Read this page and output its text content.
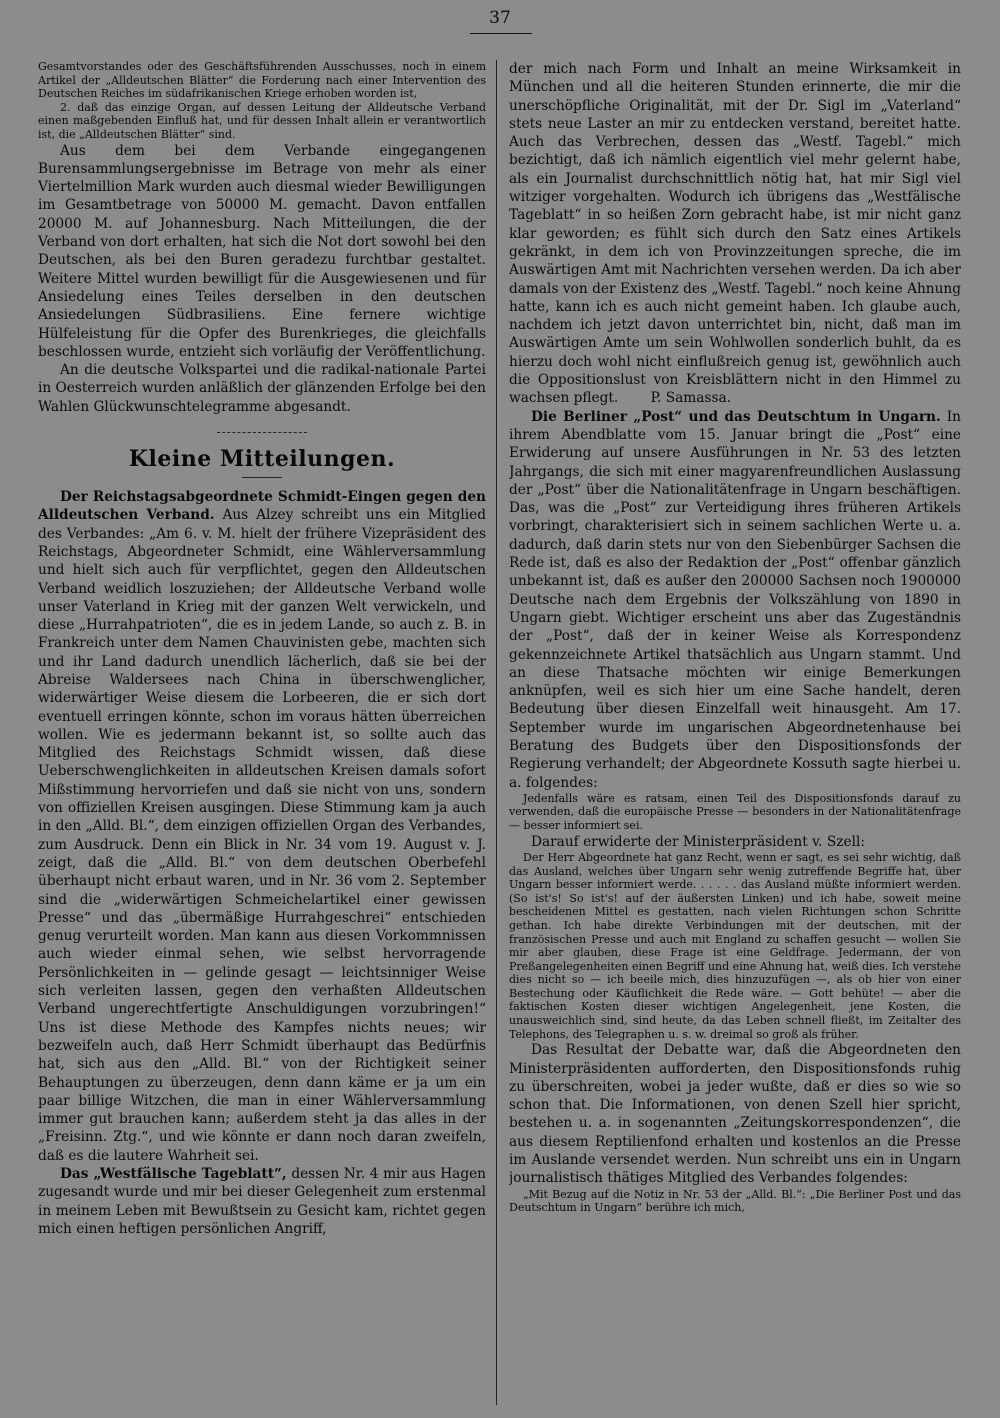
37

Gesamtvorstandes oder des Geschäftsführenden Ausschusses, noch in einem Artikel der „Alldeutschen Blätter“ die Forderung nach einer Intervention des Deutschen Reiches im südafrikanischen Kriege erhoben worden ist,

2. daß das einzige Organ, auf dessen Leitung der Alldeutsche Verband einen maßgebenden Einfluß hat, und für dessen Inhalt allein er verantwortlich ist, die „Alldeutschen Blätter“ sind.

Aus dem bei dem Verbande eingegangenen Burensammlungsergebnisse im Betrage von mehr als einer Viertelmillion Mark wurden auch diesmal wieder Bewilligungen im Gesamtbetrage von 50000 M. gemacht. Davon entfallen 20000 M. auf Johannesburg. Nach Mitteilungen, die der Verband von dort erhalten, hat sich die Not dort sowohl bei den Deutschen, als bei den Buren geradezu furchtbar gestaltet. Weitere Mittel wurden bewilligt für die Ausgewiesenen und für Ansiedelung eines Teiles derselben in den deutschen Ansiedelungen Südbrasiliens. Eine fernere wichtige Hülfeleistung für die Opfer des Burenkrieges, die gleichfalls beschlossen wurde, entzieht sich vorläufig der Veröffentlichung.

An die deutsche Volkspartei und die radikal-nationale Partei in Oesterreich wurden anläßlich der glänzenden Erfolge bei den Wahlen Glückwunschtelegramme abgesandt.

Kleine Mitteilungen.

Der Reichstagsabgeordnete Schmidt-Eingen gegen den Alldeutschen Verband. Aus Alzey schreibt uns ein Mitglied des Verbandes: „Am 6. v. M. hielt der frühere Vizepräsident des Reichstags, Abgeordneter Schmidt, eine Wählerversammlung und hielt sich auch für verpflichtet, gegen den Alldeutschen Verband weidlich loszuziehen; der Alldeutsche Verband wolle unser Vaterland in Krieg mit der ganzen Welt verwickeln, und diese „Hurrahpatrioten“, die es in jedem Lande, so auch z. B. in Frankreich unter dem Namen Chauvinisten gebe, machten sich und ihr Land dadurch unendlich lächerlich, daß sie bei der Abreise Waldersees nach China in überschwenglicher, widerwärtiger Weise diesem die Lorbeeren, die er sich dort eventuell erringen könnte, schon im voraus hätten überreichen wollen. Wie es jedermann bekannt ist, so sollte auch das Mitglied des Reichstags Schmidt wissen, daß diese Ueberschwenglichkeiten in alldeutschen Kreisen damals sofort Mißstimmung hervorriefen und daß sie nicht von uns, sondern von offiziellen Kreisen ausgingen. Diese Stimmung kam ja auch in den „Alld. Bl.“, dem einzigen offiziellen Organ des Verbandes, zum Ausdruck. Denn ein Blick in Nr. 34 vom 19. August v. J. zeigt, daß die „Alld. Bl.“ von dem deutschen Oberbefehl überhaupt nicht erbaut waren, und in Nr. 36 vom 2. September sind die „widerwärtigen Schmeichelartikel einer gewissen Presse“ und das „übermäßige Hurrahgeschrei“ entschieden genug verurteilt worden. Man kann aus diesen Vorkommnissen auch wieder einmal sehen, wie selbst hervorragende Persönlichkeiten in — gelinde gesagt — leichtsinniger Weise sich verleiten lassen, gegen den verhaßten Alldeutschen Verband ungerechtfertigte Anschuldigungen vorzubringen!“ Uns ist diese Methode des Kampfes nichts neues; wir bezweifeln auch, daß Herr Schmidt überhaupt das Bedürfnis hat, sich aus den „Alld. Bl.“ von der Richtigkeit seiner Behauptungen zu überzeugen, denn dann käme er ja um ein paar billige Witzchen, die man in einer Wählerversammlung immer gut brauchen kann; außerdem steht ja das alles in der „Freisinn. Ztg.“, und wie könnte er dann noch daran zweifeln, daß es die lautere Wahrheit sei.

Das „Westfälische Tageblatt“, dessen Nr. 4 mir aus Hagen zugesandt wurde und mir bei dieser Gelegenheit zum erstenmal in meinem Leben mit Bewußtsein zu Gesicht kam, richtet gegen mich einen heftigen persönlichen Angriff,

der mich nach Form und Inhalt an meine Wirksamkeit in München und all die heiteren Stunden erinnerte, die mir die unerschöpfliche Originalität, mit der Dr. Sigl im „Vaterland“ stets neue Laster an mir zu entdecken verstand, bereitet hatte. Auch das Verbrechen, dessen das „Westf. Tagebl.“ mich bezichtigt, daß ich nämlich eigentlich viel mehr gelernt habe, als ein Journalist durchschnittlich nötig hat, hat mir Sigl viel witziger vorgehalten. Wodurch ich übrigens das „Westfälische Tageblatt“ in so heißen Zorn gebracht habe, ist mir nicht ganz klar geworden; es fühlt sich durch den Satz eines Artikels gekränkt, in dem ich von Provinzzeitungen spreche, die im Auswärtigen Amt mit Nachrichten versehen werden. Da ich aber damals von der Existenz des „Westf. Tagebl.“ noch keine Ahnung hatte, kann ich es auch nicht gemeint haben. Ich glaube auch, nachdem ich jetzt davon unterrichtet bin, nicht, daß man im Auswärtigen Amte um sein Wohlwollen sonderlich buhlt, da es hierzu doch wohl nicht einflußreich genug ist, gewöhnlich auch die Oppositionslust von Kreisblättern nicht in den Himmel zu wachsen pflegt. P. Samassa.

Die Berliner „Post“ und das Deutschtum in Ungarn. In ihrem Abendblatte vom 15. Januar bringt die „Post“ eine Erwiderung auf unsere Ausführungen in Nr. 53 des letzten Jahrgangs, die sich mit einer magyarenfreundlichen Auslassung der „Post“ über die Nationalitätenfrage in Ungarn beschäftigen. Das, was die „Post“ zur Verteidigung ihres früheren Artikels vorbringt, charakterisiert sich in seinem sachlichen Werte u. a. dadurch, daß darin stets nur von den Siebenbürger Sachsen die Rede ist, daß es also der Redaktion der „Post“ offenbar gänzlich unbekannt ist, daß es außer den 200000 Sachsen noch 1900000 Deutsche nach dem Ergebnis der Volkszählung von 1890 in Ungarn giebt. Wichtiger erscheint uns aber das Zugeständnis der „Post“, daß der in keiner Weise als Korrespondenz gekennzeichnete Artikel thatsächlich aus Ungarn stammt. Und an diese Thatsache möchten wir einige Bemerkungen anknüpfen, weil es sich hier um eine Sache handelt, deren Bedeutung über diesen Einzelfall weit hinausgeht. Am 17. September wurde im ungarischen Abgeordnetenhause bei Beratung des Budgets über den Dispositionsfonds der Regierung verhandelt; der Abgeordnete Kossuth sagte hierbei u. a. folgendes:

Jedenfalls wäre es ratsam, einen Teil des Dispositionsfonds darauf zu verwenden, daß die europäische Presse — besonders in der Nationalitätenfrage — besser informiert sei.

Darauf erwiderte der Ministerpräsident v. Szell:

Der Herr Abgeordnete hat ganz Recht, wenn er sagt, es sei sehr wichtig, daß das Ausland, welches über Ungarn sehr wenig zutreffende Begriffe hat, über Ungarn besser informiert werde. . . . . . das Ausland müßte informiert werden. (So ist's! So ist's! auf der äußersten Linken) und ich habe, soweit meine bescheidenen Mittel es gestatten, nach vielen Richtungen schon Schritte gethan. Ich habe direkte Verbindungen mit der deutschen, mit der französischen Presse und auch mit England zu schaffen gesucht — wollen Sie mir aber glauben, diese Frage ist eine Geldfrage. Jedermann, der von Preßangelegenheiten einen Begriff und eine Ahnung hat, weiß dies. Ich verstehe dies nicht so — ich beeile mich, dies hinzuzufügen —, als ob hier von einer Bestechung oder Käuflichkeit die Rede wäre. — Gott behüte! — aber die faktischen Kosten dieser wichtigen Angelegenheit, jene Kosten, die unausweichlich sind, sind heute, da das Leben schnell fließt, im Zeitalter des Telephons, des Telegraphen u. s. w. dreimal so groß als früher.

Das Resultat der Debatte war, daß die Abgeordneten den Ministerpräsidenten aufforderten, den Dispositionsfonds ruhig zu überschreiten, wobei ja jeder wußte, daß er dies so wie so schon that. Die Informationen, von denen Szell hier spricht, bestehen u. a. in sogenannten „Zeitungskorrespondenzen“, die aus diesem Reptilienfond erhalten und kostenlos an die Presse im Auslande versendet werden. Nun schreibt uns ein in Ungarn journalistisch thätiges Mitglied des Verbandes folgendes:

„Mit Bezug auf die Notiz in Nr. 53 der „Alld. Bl.“: „Die Berliner Post und das Deutschtum in Ungarn“ berühre ich mich,
